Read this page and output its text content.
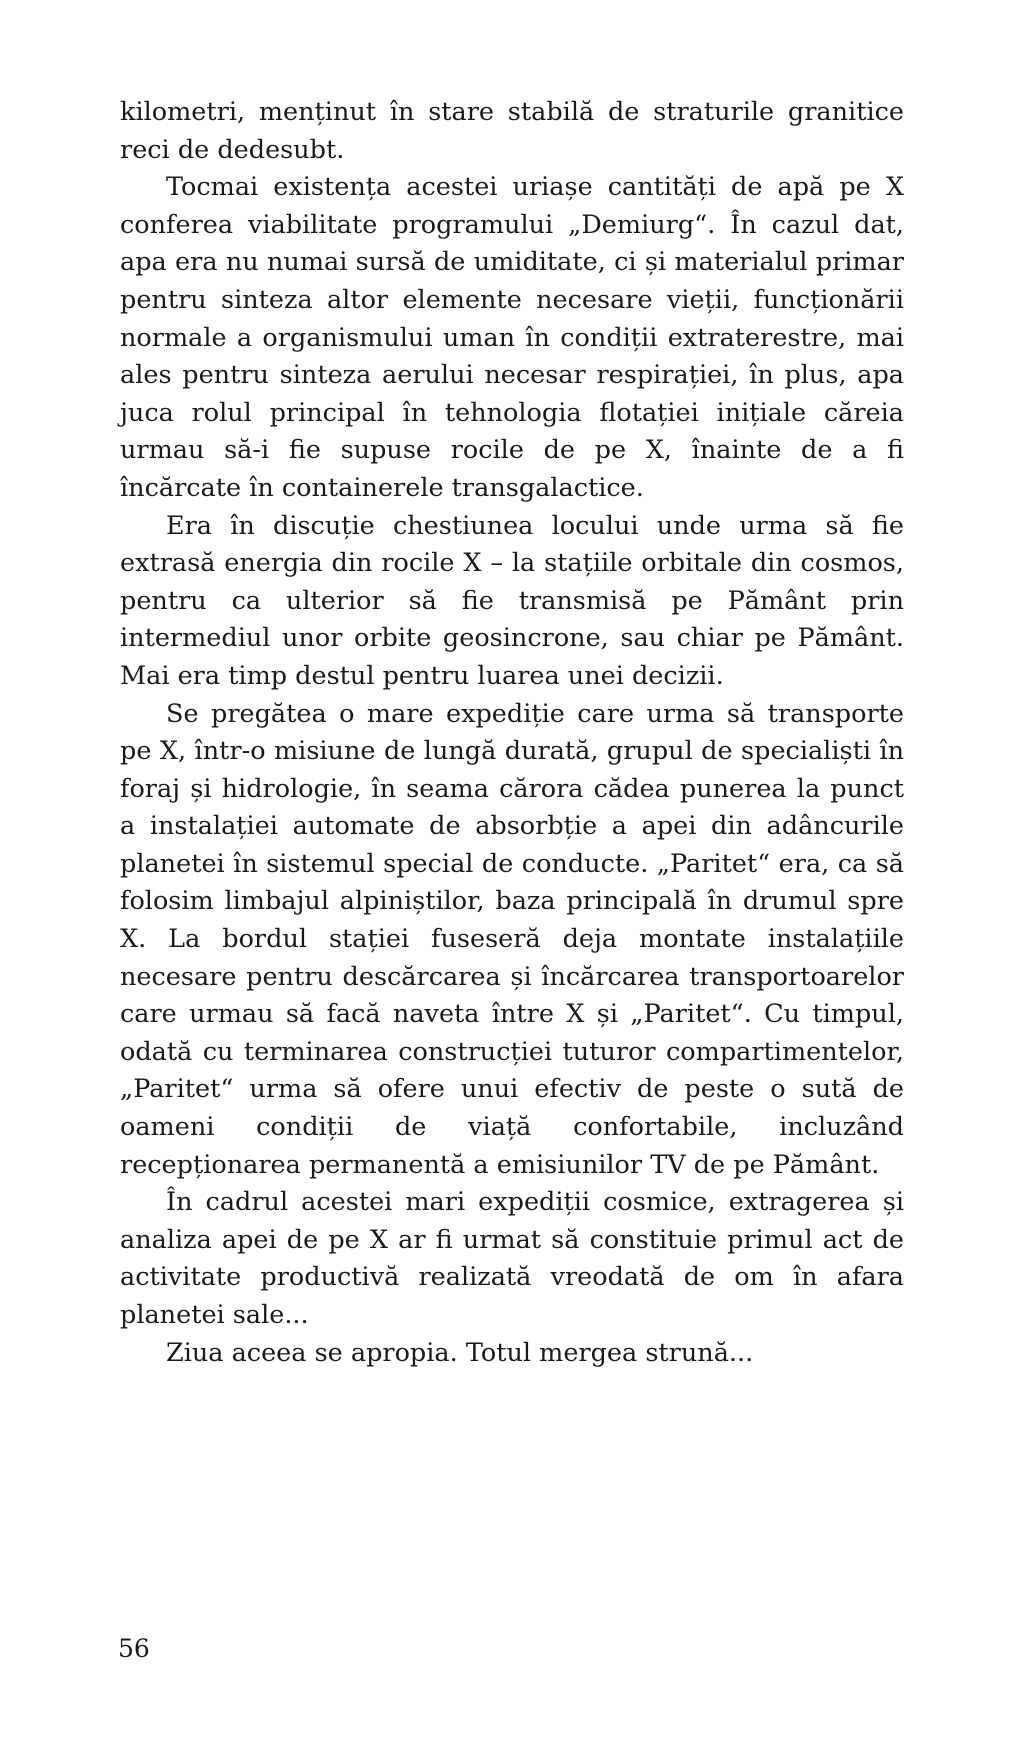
kilometri, menținut în stare stabilă de straturile granitice reci de dedesubt.

Tocmai existența acestei uriașe cantități de apă pe X conferea viabilitate programului „Demiurg“. În cazul dat, apa era nu numai sursă de umiditate, ci și materialul primar pentru sinteza altor elemente necesare vieții, funcționării normale a organismului uman în condiții extraterestre, mai ales pentru sinteza aerului necesar respirației, în plus, apa juca rolul principal în tehnologia flotației inițiale căreia urmau să-i fie supuse rocile de pe X, înainte de a fi încărcate în containerele transgalactice.

Era în discuție chestiunea locului unde urma să fie extrasă energia din rocile X – la stațiile orbitale din cosmos, pentru ca ulterior să fie transmisă pe Pământ prin intermediul unor orbite geosincrone, sau chiar pe Pământ. Mai era timp destul pentru luarea unei decizii.

Se pregătea o mare expediție care urma să transporte pe X, într-o misiune de lungă durată, grupul de specialiști în foraj și hidrologie, în seama cărora cădea punerea la punct a instalației automate de absorbție a apei din adâncurile planetei în sistemul special de conducte. „Paritet“ era, ca să folosim limbajul alpiniștilor, baza principală în drumul spre X. La bordul stației fuseseră deja montate instalațiile necesare pentru descărcarea și încărcarea transportoarelor care urmau să facă naveta între X și „Paritet“. Cu timpul, odată cu terminarea construcției tuturor compartimentelor, „Paritet“ urma să ofere unui efectiv de peste o sută de oameni condiții de viață confortabile, incluzând recepționarea permanentă a emisiunilor TV de pe Pământ.

În cadrul acestei mari expediții cosmice, extragerea și analiza apei de pe X ar fi urmat să constituie primul act de activitate productivă realizată vreodată de om în afara planetei sale...

Ziua aceea se apropia. Totul mergea strună...

56
